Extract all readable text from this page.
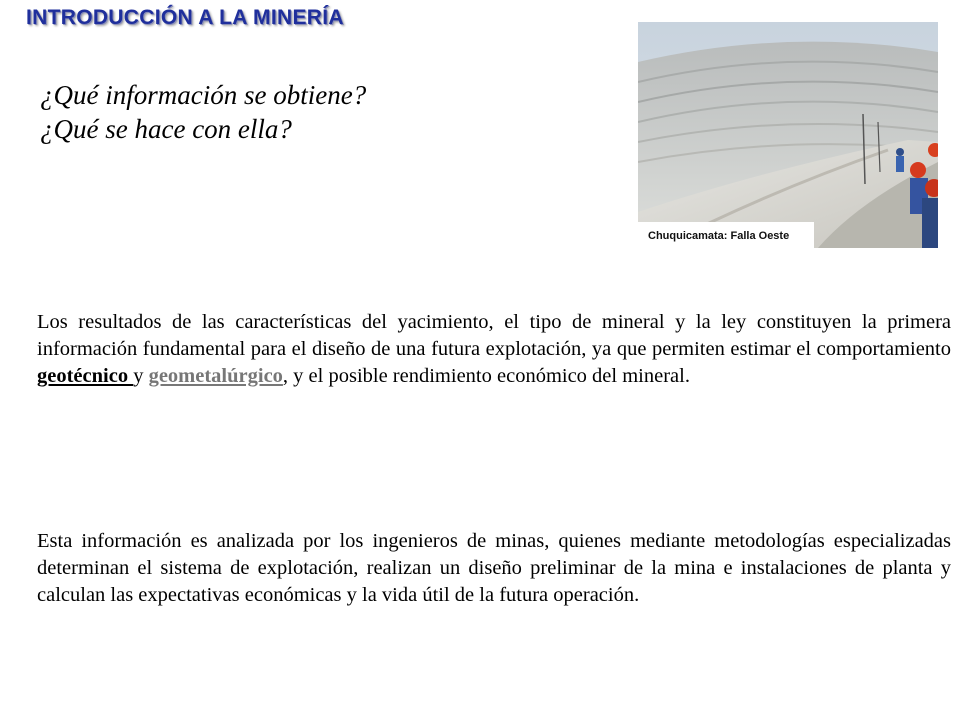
INTRODUCCIÓN A LA MINERÍA
¿Qué información se obtiene?
¿Qué se hace con ella?
Chuquicamata: Falla Oeste

Los resultados de las características del yacimiento, el tipo de mineral y la ley constituyen la primera información fundamental para el diseño de una futura explotación, ya que permiten estimar el comportamiento geotécnico y geometalúrgico, y el posible rendimiento económico del mineral.

Esta información es analizada por los ingenieros de minas, quienes mediante metodologías especializadas determinan el sistema de explotación, realizan un diseño preliminar de la mina e instalaciones de planta y calculan las expectativas económicas y la vida útil de la futura operación.
